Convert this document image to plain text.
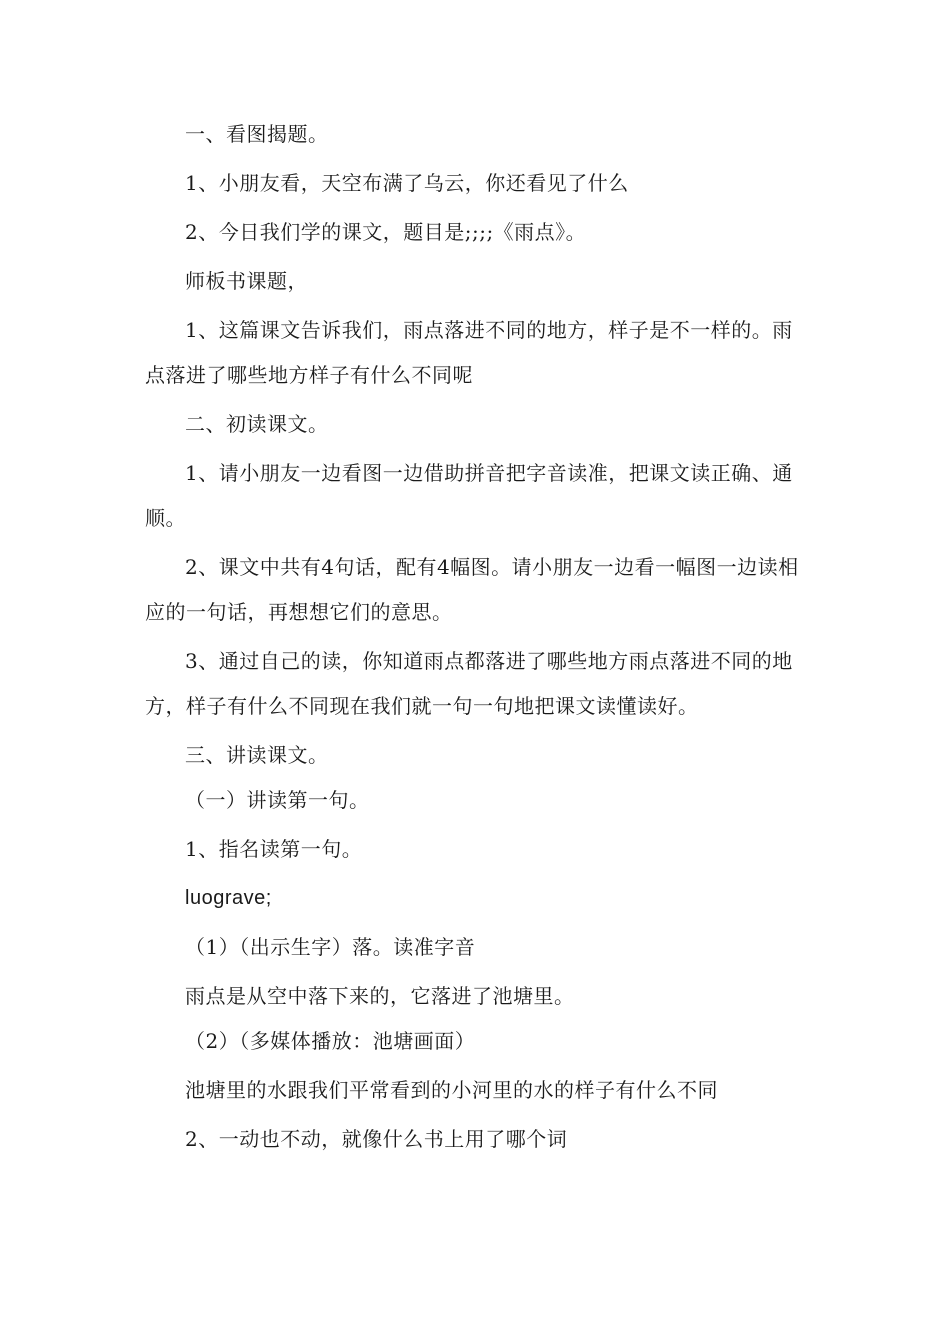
一、看图揭题。

1、小朋友看，天空布满了乌云，你还看见了什么

2、今日我们学的课文，题目是;;;;《雨点》。

师板书课题，

1、这篇课文告诉我们，雨点落进不同的地方，样子是不一样的。雨点落进了哪些地方样子有什么不同呢

二、初读课文。

1、请小朋友一边看图一边借助拼音把字音读准，把课文读正确、通顺。

2、课文中共有4句话，配有4幅图。请小朋友一边看一幅图一边读相应的一句话，再想想它们的意思。

3、通过自己的读，你知道雨点都落进了哪些地方雨点落进不同的地方，样子有什么不同现在我们就一句一句地把课文读懂读好。

三、讲读课文。

（一）讲读第一句。

1、指名读第一句。

luograve;

（1）（出示生字）落。读准字音

雨点是从空中落下来的，它落进了池塘里。

（2）（多媒体播放：池塘画面）

池塘里的水跟我们平常看到的小河里的水的样子有什么不同

2、一动也不动，就像什么书上用了哪个词
